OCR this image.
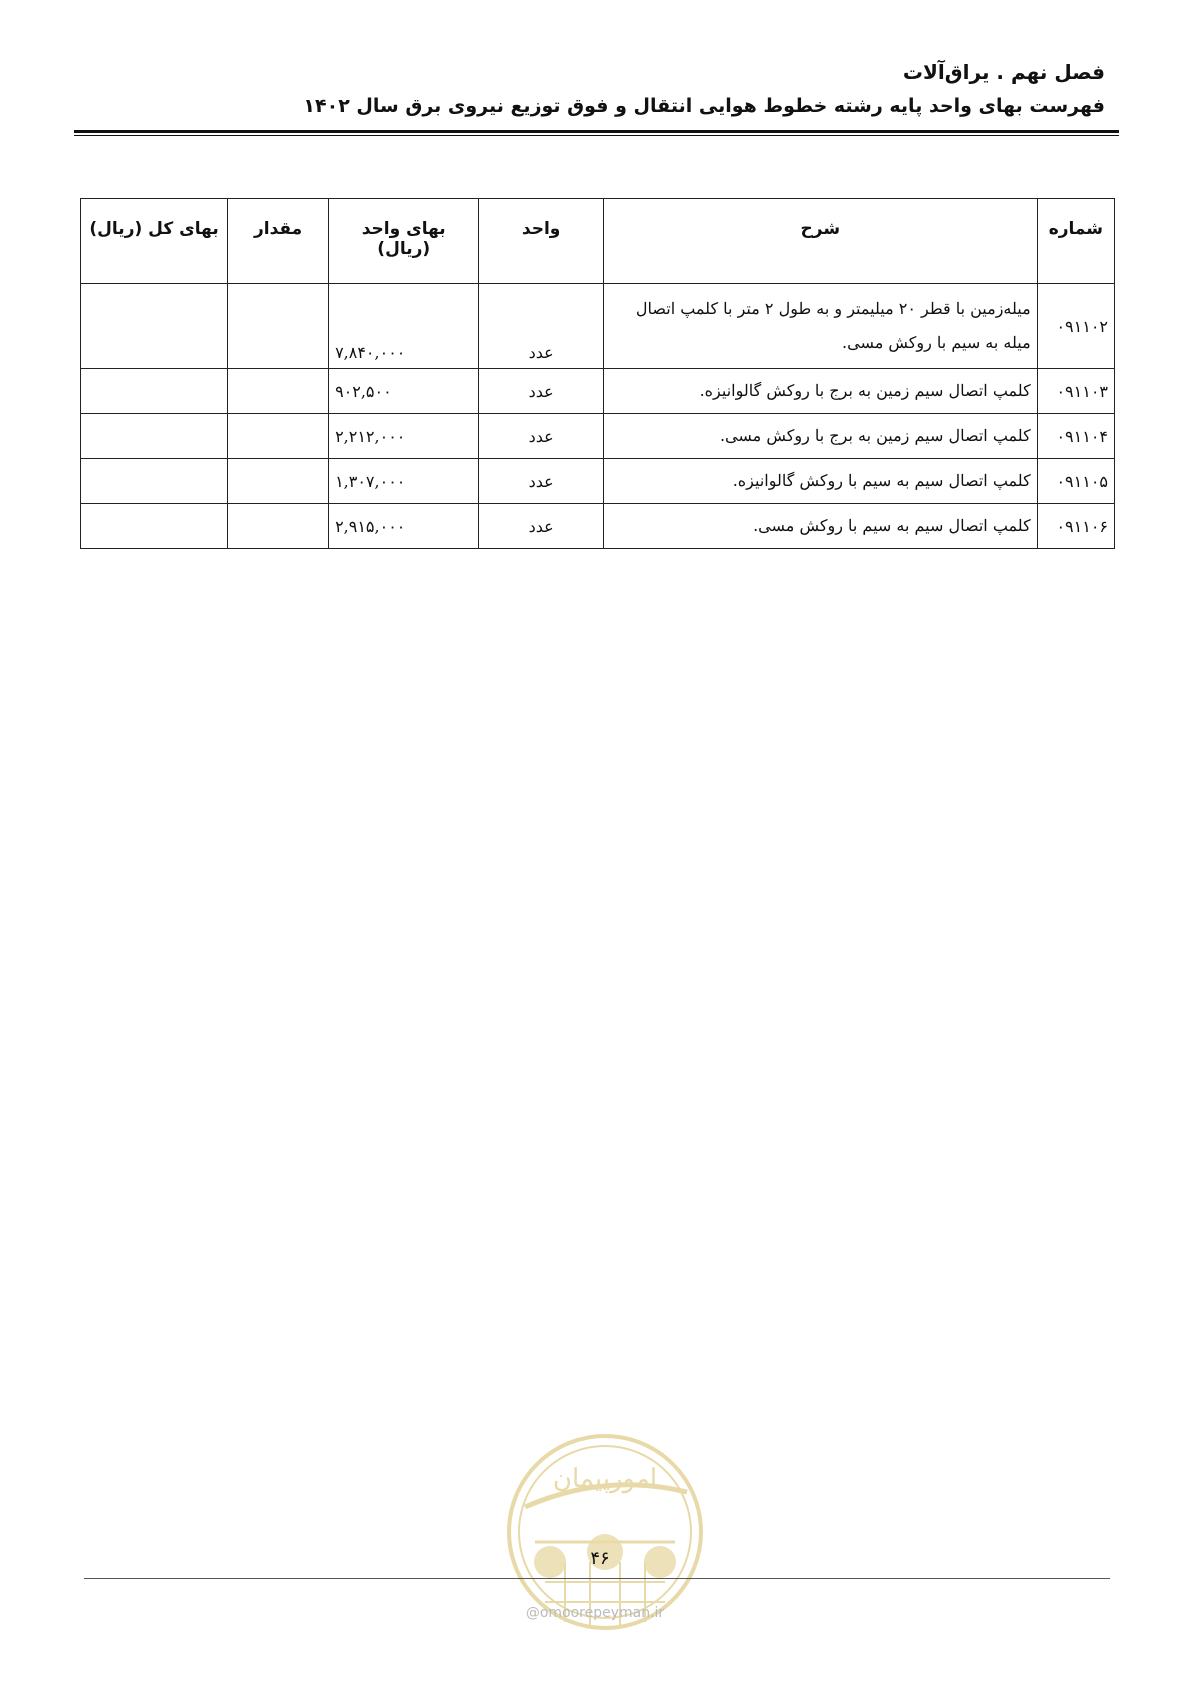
فصل نهم . یراق‌آلات
فهرست بهای واحد پایه رشته خطوط هوایی انتقال و فوق توزیع نیروی برق سال ۱۴۰۲
شماره	شرح	واحد	بهای واحد (ریال)	مقدار	بهای کل (ریال)
۰۹۱۱۰۲	میله‌زمین با قطر ۲۰ میلیمتر و به طول ۲ متر با کلمپ اتصال میله به سیم با روکش مسی.	عدد	۷,۸۴۰,۰۰۰		
۰۹۱۱۰۳	کلمپ اتصال سیم زمین به برج با روکش گالوانیزه.	عدد	۹۰۲,۵۰۰		
۰۹۱۱۰۴	کلمپ اتصال سیم زمین به برج با روکش مسی.	عدد	۲,۲۱۲,۰۰۰		
۰۹۱۱۰۵	کلمپ اتصال سیم به سیم با روکش گالوانیزه.	عدد	۱,۳۰۷,۰۰۰		
۰۹۱۱۰۶	کلمپ اتصال سیم به سیم با روکش مسی.	عدد	۲,۹۱۵,۰۰۰		
امورپیمان
۴۶
@omoorepeyman.ir
